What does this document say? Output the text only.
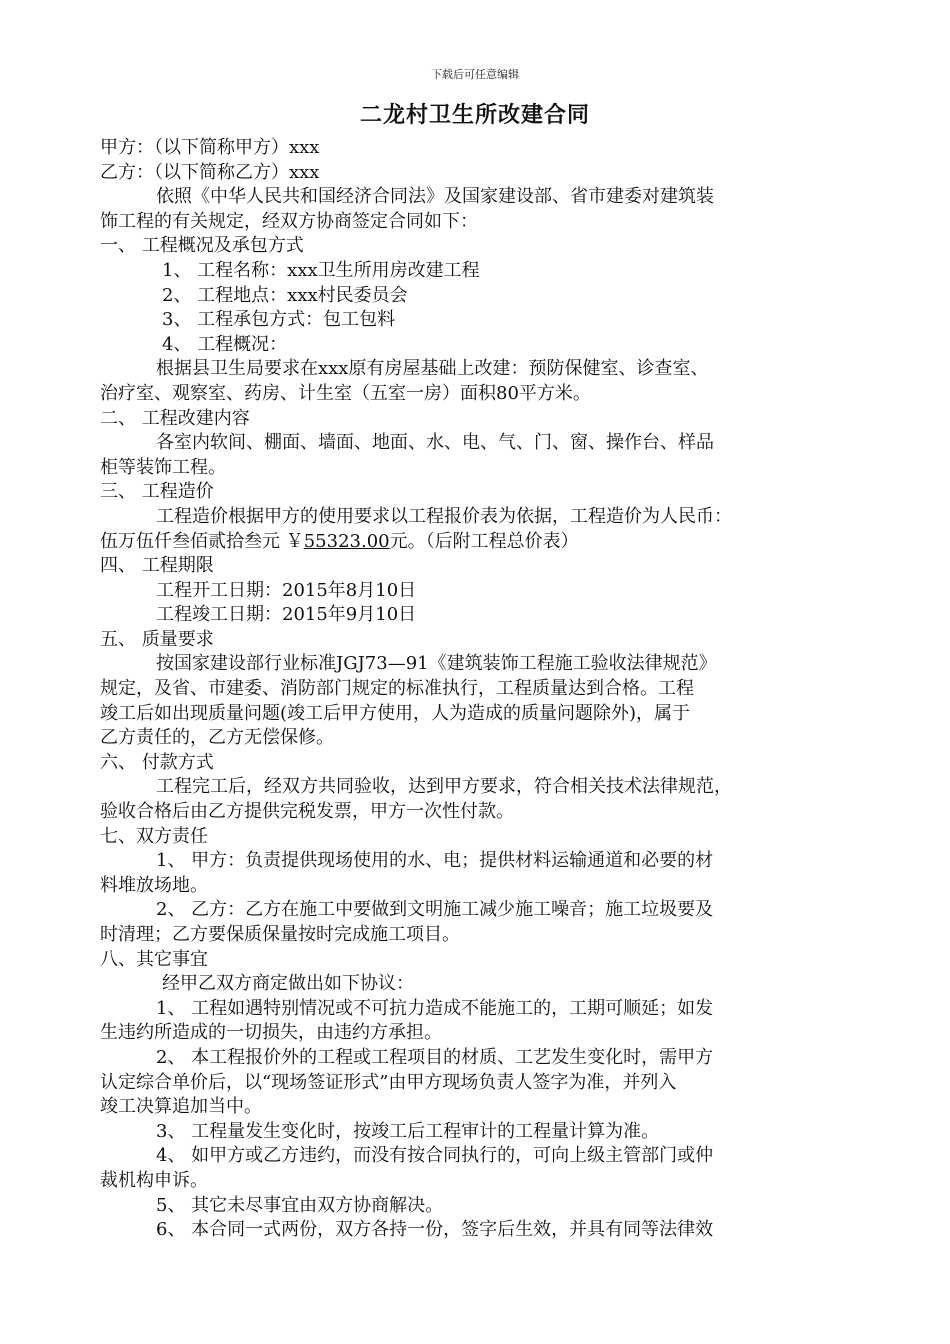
下载后可任意编辑
二龙村卫生所改建合同
甲方：（以下简称甲方）xxx
乙方：（以下简称乙方）xxx
依照《中华人民共和国经济合同法》及国家建设部、省市建委对建筑装
饰工程的有关规定，经双方协商签定合同如下：
一、 工程概况及承包方式
1、 工程名称：xxx卫生所用房改建工程
2、 工程地点：xxx村民委员会
3、 工程承包方式：包工包料
4、 工程概况：
根据县卫生局要求在xxx原有房屋基础上改建：预防保健室、诊查室、
治疗室、观察室、药房、计生室（五室一房）面积80平方米。
二、 工程改建内容
各室内软间、棚面、墙面、地面、水、电、气、门、窗、操作台、样品
柜等装饰工程。
三、 工程造价
工程造价根据甲方的使用要求以工程报价表为依据，工程造价为人民币：
伍万伍仟叁佰贰拾叁元 ￥55323.00元。（后附工程总价表）
四、 工程期限
工程开工日期：2015年8月10日
工程竣工日期：2015年9月10日
五、 质量要求
按国家建设部行业标准JGJ73—91《建筑装饰工程施工验收法律规范》
规定，及省、市建委、消防部门规定的标准执行，工程质量达到合格。工程
竣工后如出现质量问题(竣工后甲方使用，人为造成的质量问题除外)，属于
乙方责任的，乙方无偿保修。
六、 付款方式
工程完工后，经双方共同验收，达到甲方要求，符合相关技术法律规范，
验收合格后由乙方提供完税发票，甲方一次性付款。
七、双方责任
1、 甲方：负责提供现场使用的水、电；提供材料运输通道和必要的材
料堆放场地。
2、 乙方：乙方在施工中要做到文明施工减少施工噪音；施工垃圾要及
时清理；乙方要保质保量按时完成施工项目。
八、其它事宜
经甲乙双方商定做出如下协议：
1、 工程如遇特别情况或不可抗力造成不能施工的，工期可顺延；如发
生违约所造成的一切损失，由违约方承担。
2、 本工程报价外的工程或工程项目的材质、工艺发生变化时，需甲方
认定综合单价后，以“现场签证形式”由甲方现场负责人签字为准，并列入
竣工决算追加当中。
3、 工程量发生变化时，按竣工后工程审计的工程量计算为准。
4、 如甲方或乙方违约，而没有按合同执行的，可向上级主管部门或仲
裁机构申诉。
5、 其它未尽事宜由双方协商解决。
6、 本合同一式两份，双方各持一份，签字后生效，并具有同等法律效
